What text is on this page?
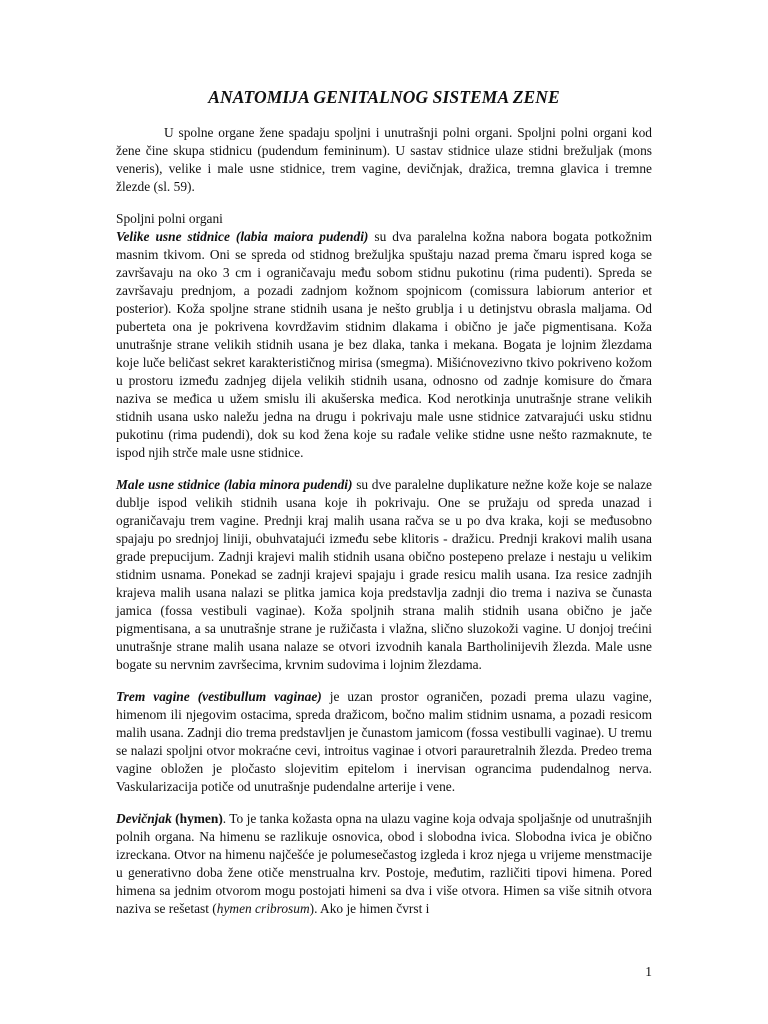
ANATOMIJA GENITALNOG SISTEMA ZENE

U spolne organe žene spadaju spoljni i unutrašnji polni organi. Spoljni polni organi kod žene čine skupa stidnicu (pudendum femininum). U sastav stidnice ulaze stidni brežuljak (mons veneris), velike i male usne stidnice, trem vagine, devičnjak, dražica, tremna glavica i tremne žlezde (sl. 59).

Spoljni polni organi

Velike usne stidnice (labia maiora pudendi) su dva paralelna kožna nabora bogata potkožnim masnim tkivom. Oni se spreda od stidnog brežuljka spuštaju nazad prema čmaru ispred koga se završavaju na oko 3 cm i ograničavaju među sobom stidnu pukotinu (rima pudenti). Spreda se završavaju prednjom, a pozadi zadnjom kožnom spojnicom (comissura labiorum anterior et posterior). Koža spoljne strane stidnih usana je nešto grublja i u detinjstvu obrasla maljama. Od puberteta ona je pokrivena kovrdžavim stidnim dlakama i obično je jače pigmentisana. Koža unutrašnje strane velikih stidnih usana je bez dlaka, tanka i mekana. Bogata je lojnim žlezdama koje luče beličast sekret karakterističnog mirisa (smegma). Mišićnovezivno tkivo pokriveno kožom u prostoru između zadnjeg dijela velikih stidnih usana, odnosno od zadnje komisure do čmara naziva se međica u užem smislu ili akušerska međica. Kod nerotkinja unutrašnje strane velikih stidnih usana usko naležu jedna na drugu i pokrivaju male usne stidnice zatvarajući usku stidnu pukotinu (rima pudendi), dok su kod žena koje su rađale velike stidne usne nešto razmaknute, te ispod njih strče male usne stidnice.

Male usne stidnice (labia minora pudendi) su dve paralelne duplikature nežne kože koje se nalaze dublje ispod velikih stidnih usana koje ih pokrivaju. One se pružaju od spreda unazad i ograničavaju trem vagine. Prednji kraj malih usana račva se u po dva kraka, koji se međusobno spajaju po srednjoj liniji, obuhvatajući između sebe klitoris - dražicu. Prednji krakovi malih usana grade prepucijum. Zadnji krajevi malih stidnih usana obično postepeno prelaze i nestaju u velikim stidnim usnama. Ponekad se zadnji krajevi spajaju i grade resicu malih usana. Iza resice zadnjih krajeva malih usana nalazi se plitka jamica koja predstavlja zadnji dio trema i naziva se čunasta jamica (fossa vestibuli vaginae). Koža spoljnih strana malih stidnih usana obično je jače pigmentisana, a sa unutrašnje strane je ružičasta i vlažna, slično sluzokoži vagine. U donjoj trećini unutrašnje strane malih usana nalaze se otvori izvodnih kanala Bartholinijevih žlezda. Male usne bogate su nervnim završecima, krvnim sudovima i lojnim žlezdama.

Trem vagine (vestibullum vaginae) je uzan prostor ograničen, pozadi prema ulazu vagine, himenom ili njegovim ostacima, spreda dražicom, bočno malim stidnim usnama, a pozadi resicom malih usana. Zadnji dio trema predstavljen je čunastom jamicom (fossa vestibulli vaginae). U tremu se nalazi spoljni otvor mokraćne cevi, introitus vaginae i otvori parauretralnih žlezda. Predeo trema vagine obložen je pločasto slojevitim epitelom i inervisan ograncima pudendalnog nerva. Vaskularizacija potiče od unutrašnje pudendalne arterije i vene.

Devičnjak (hymen). To je tanka kožasta opna na ulazu vagine koja odvaja spoljašnje od unutrašnjih polnih organa. Na himenu se razlikuje osnovica, obod i slobodna ivica. Slobodna ivica je obično izreckana. Otvor na himenu najčešće je polumesečastog izgleda i kroz njega u vrijeme menstmacije u generativno doba žene otiče menstrualna krv. Postoje, međutim, različiti tipovi himena. Pored himena sa jednim otvorom mogu postojati himeni sa dva i više otvora. Himen sa više sitnih otvora naziva se rešetast (hymen cribrosum). Ako je himen čvrst i

1
